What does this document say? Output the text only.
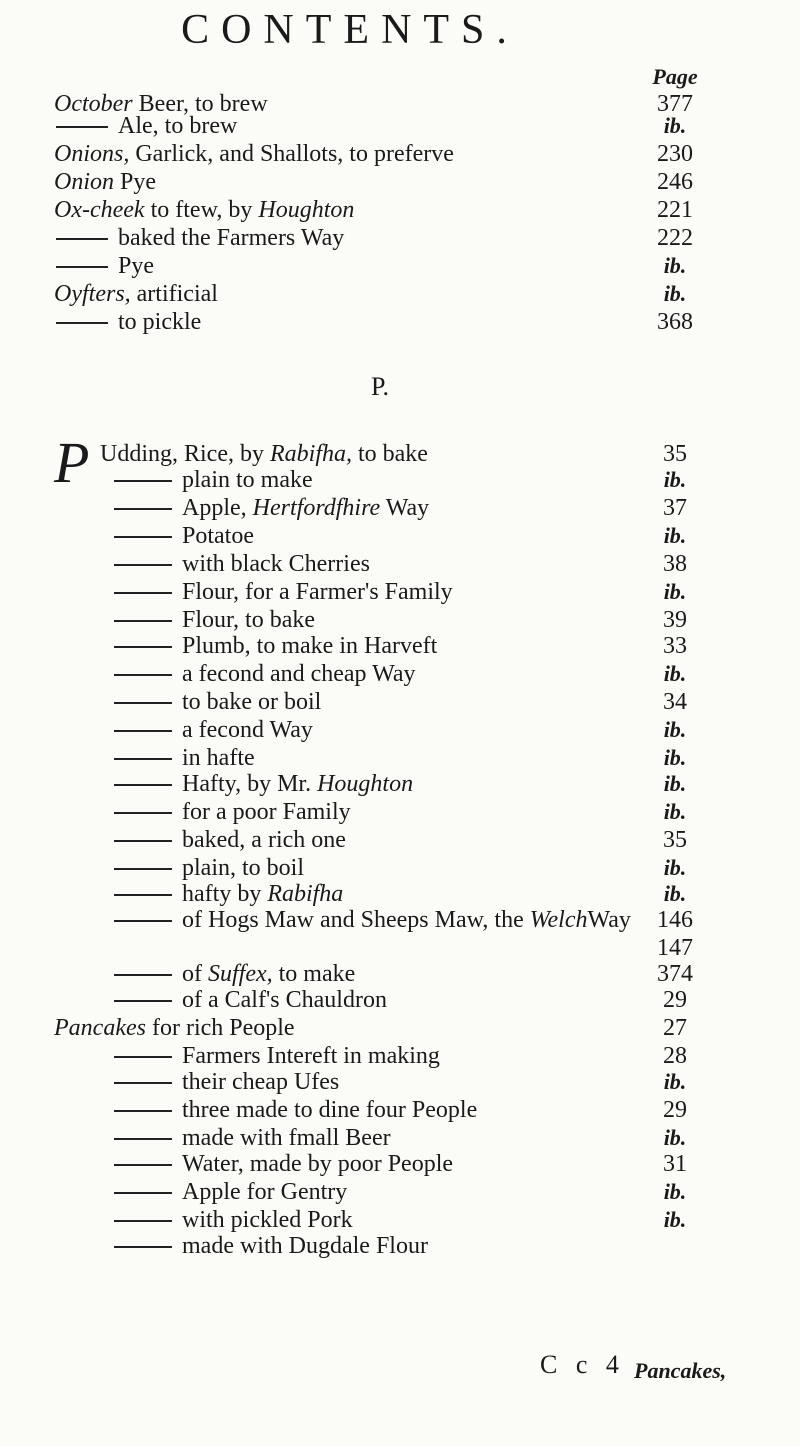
CONTENTS.
Page
P.
P
October Beer, to brew	377
Ale, to brew	ib.
Onions, Garlick, and Shallots, to preferve	230
Onion Pye	246
Ox-cheek to ftew, by Houghton	221
baked the Farmers Way	222
Pye	ib.
Oyfters, artificial	ib.
to pickle	368
Udding, Rice, by Rabifha, to bake	35
plain to make	ib.
Apple, Hertfordfhire Way	37
Potatoe	ib.
with black Cherries	38
Flour, for a Farmer's Family	ib.
Flour, to bake	39
Plumb, to make in Harveft	33
a fecond and cheap Way	ib.
to bake or boil	34
a fecond Way	ib.
in hafte	ib.
Hafty, by Mr. Houghton	ib.
for a poor Family	ib.
baked, a rich one	35
plain, to boil	ib.
hafty by Rabifha	ib.
of Hogs Maw and Sheeps Maw, the WelchWay	146
147
of Suffex, to make	374
of a Calf's Chauldron	29
Pancakes for rich People	27
Farmers Intereft in making	28
their cheap Ufes	ib.
three made to dine four People	29
made with fmall Beer	ib.
Water, made by poor People	31
Apple for Gentry	ib.
with pickled Pork	ib.
made with Dugdale Flour
C c 4 Pancakes,
